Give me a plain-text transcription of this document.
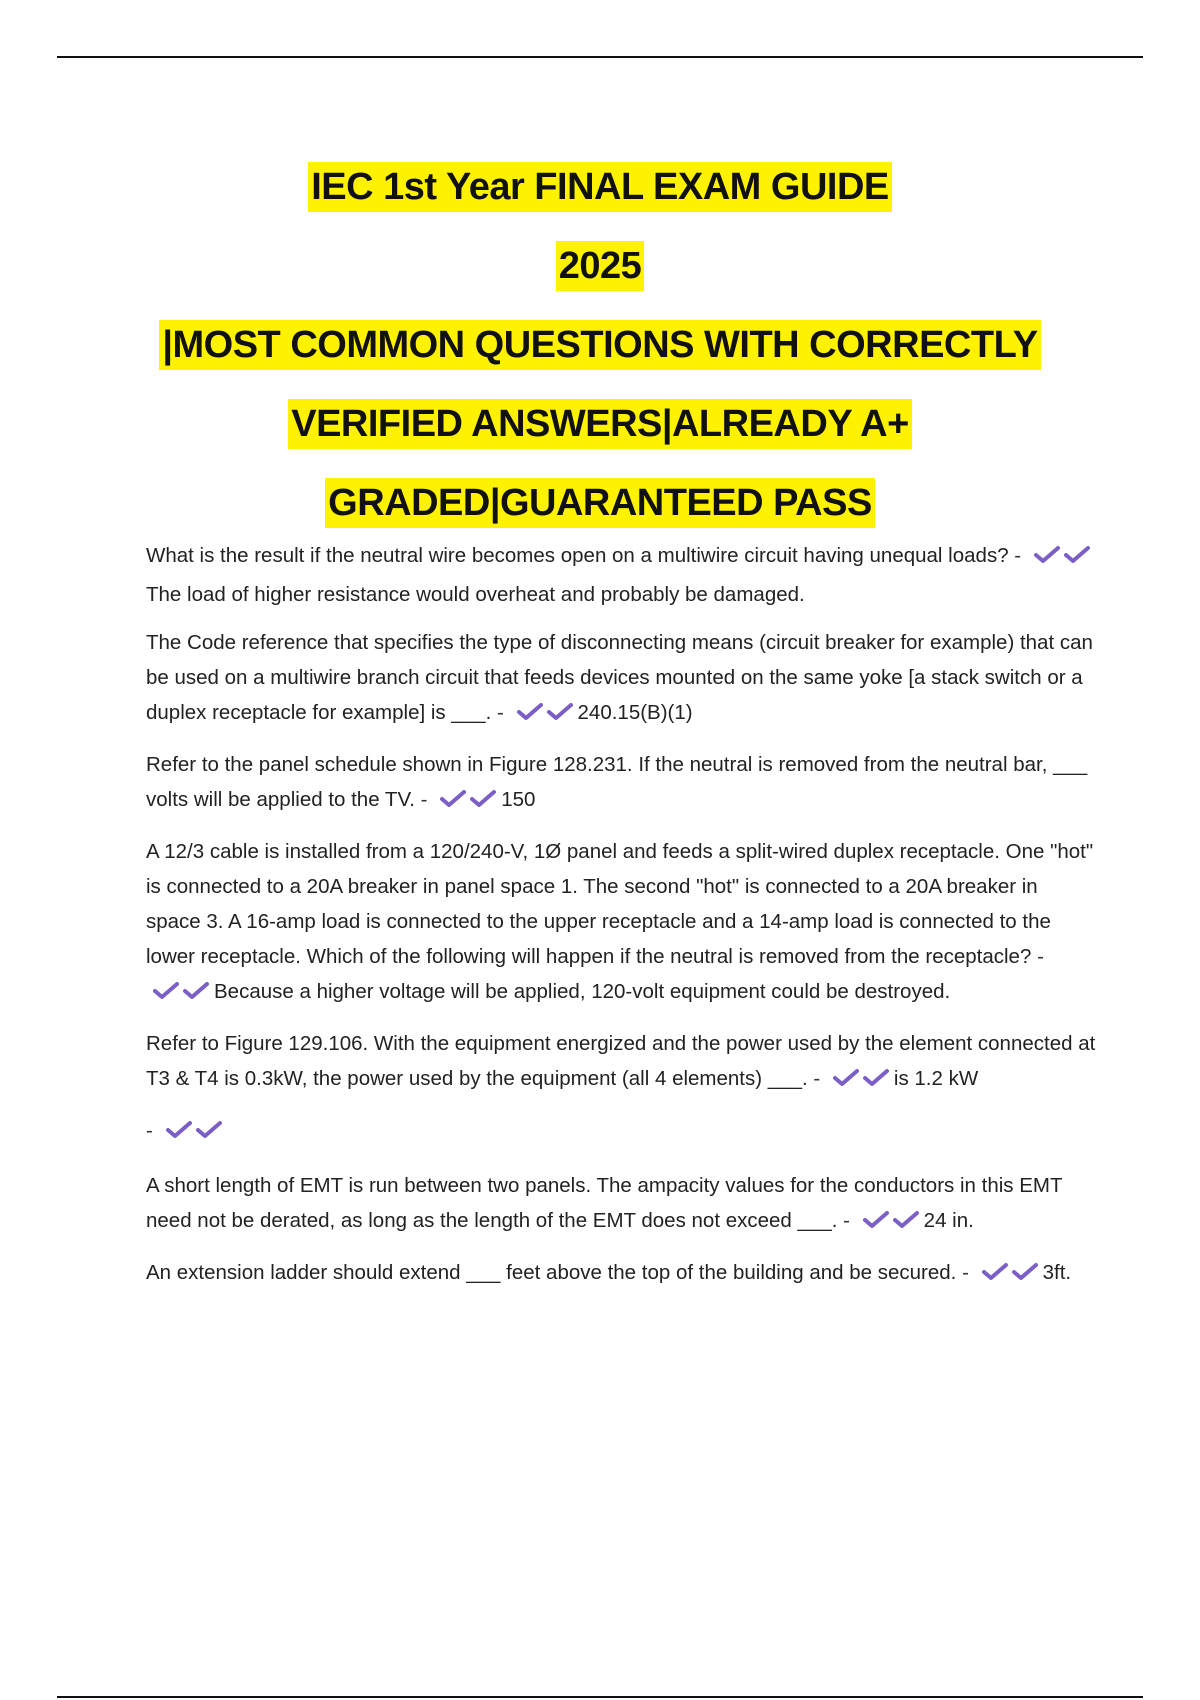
IEC 1st Year FINAL EXAM GUIDE
2025
|MOST COMMON QUESTIONS WITH CORRECTLY
VERIFIED ANSWERS|ALREADY A+
GRADED|GUARANTEED PASS

What is the result if the neutral wire becomes open on a multiwire circuit having unequal loads? - The load of higher resistance would overheat and probably be damaged.

The Code reference that specifies the type of disconnecting means (circuit breaker for example) that can be used on a multiwire branch circuit that feeds devices mounted on the same yoke [a stack switch or a duplex receptacle for example] is ___. -	240.15(B)(1)

Refer to the panel schedule shown in Figure 128.231. If the neutral is removed from the neutral bar, ___ volts will be applied to the TV. -	150

A 12/3 cable is installed from a 120/240-V, 1Ø panel and feeds a split-wired duplex receptacle. One "hot" is connected to a 20A breaker in panel space 1. The second "hot" is connected to a 20A breaker in space 3. A 16-amp load is connected to the upper receptacle and a 14-amp load is connected to the lower receptacle. Which of the following will happen if the neutral is removed from the receptacle? - Because a higher voltage will be applied, 120-volt equipment could be destroyed.

Refer to Figure 129.106. With the equipment energized and the power used by the element connected at T3 & T4 is 0.3kW, the power used by the equipment (all 4 elements) ___. -	is 1.2 kW

-

A short length of EMT is run between two panels. The ampacity values for the conductors in this EMT need not be derated, as long as the length of the EMT does not exceed ___. -	24 in.

An extension ladder should extend ___ feet above the top of the building and be secured. -	3ft.
